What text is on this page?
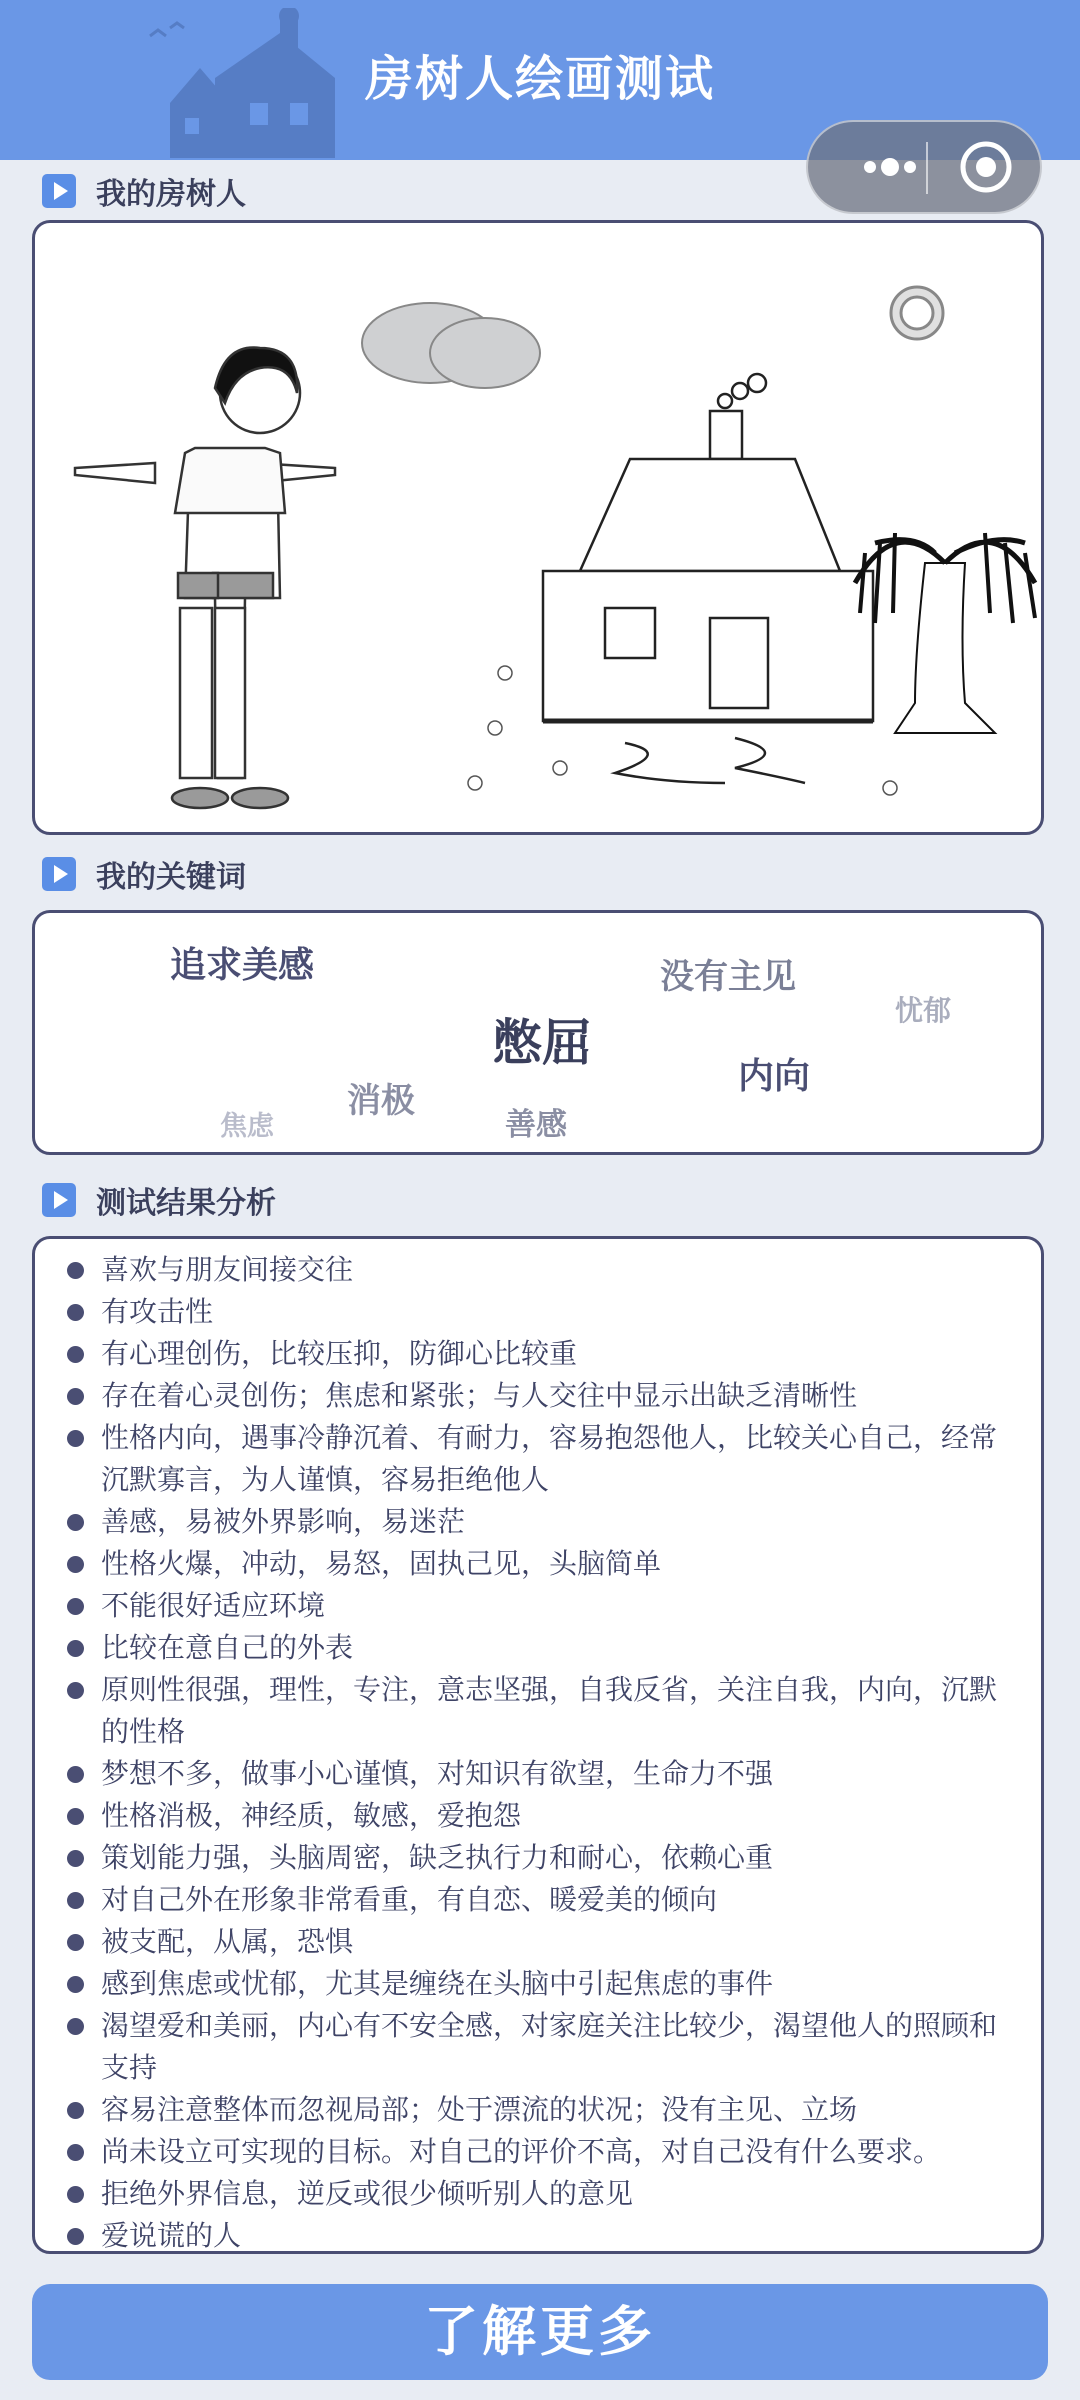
房树人绘画测试
我的房树人
我的关键词
追求美感	没有主见
忧郁
憋屈
消极
内向
焦虑	善感
测试结果分析
喜欢与朋友间接交往
有攻击性
有心理创伤，比较压抑，防御心比较重
存在着心灵创伤；焦虑和紧张；与人交往中显示出缺乏清晰性
性格内向，遇事冷静沉着、有耐力，容易抱怨他人，比较关心自己，经常沉默寡言，为人谨慎，容易拒绝他人
善感，易被外界影响，易迷茫
性格火爆，冲动，易怒，固执己见，头脑简单
不能很好适应环境
比较在意自己的外表
原则性很强，理性，专注，意志坚强，自我反省，关注自我，内向，沉默的性格
梦想不多，做事小心谨慎，对知识有欲望，生命力不强
性格消极，神经质，敏感，爱抱怨
策划能力强，头脑周密，缺乏执行力和耐心，依赖心重
对自己外在形象非常看重，有自恋、暖爱美的倾向
被支配，从属，恐惧
感到焦虑或忧郁，尤其是缠绕在头脑中引起焦虑的事件
渴望爱和美丽，内心有不安全感，对家庭关注比较少，渴望他人的照顾和支持
容易注意整体而忽视局部；处于漂流的状况；没有主见、立场
尚未设立可实现的目标。对自己的评价不高，对自己没有什么要求。
拒绝外界信息，逆反或很少倾听别人的意见
爱说谎的人
了解更多
